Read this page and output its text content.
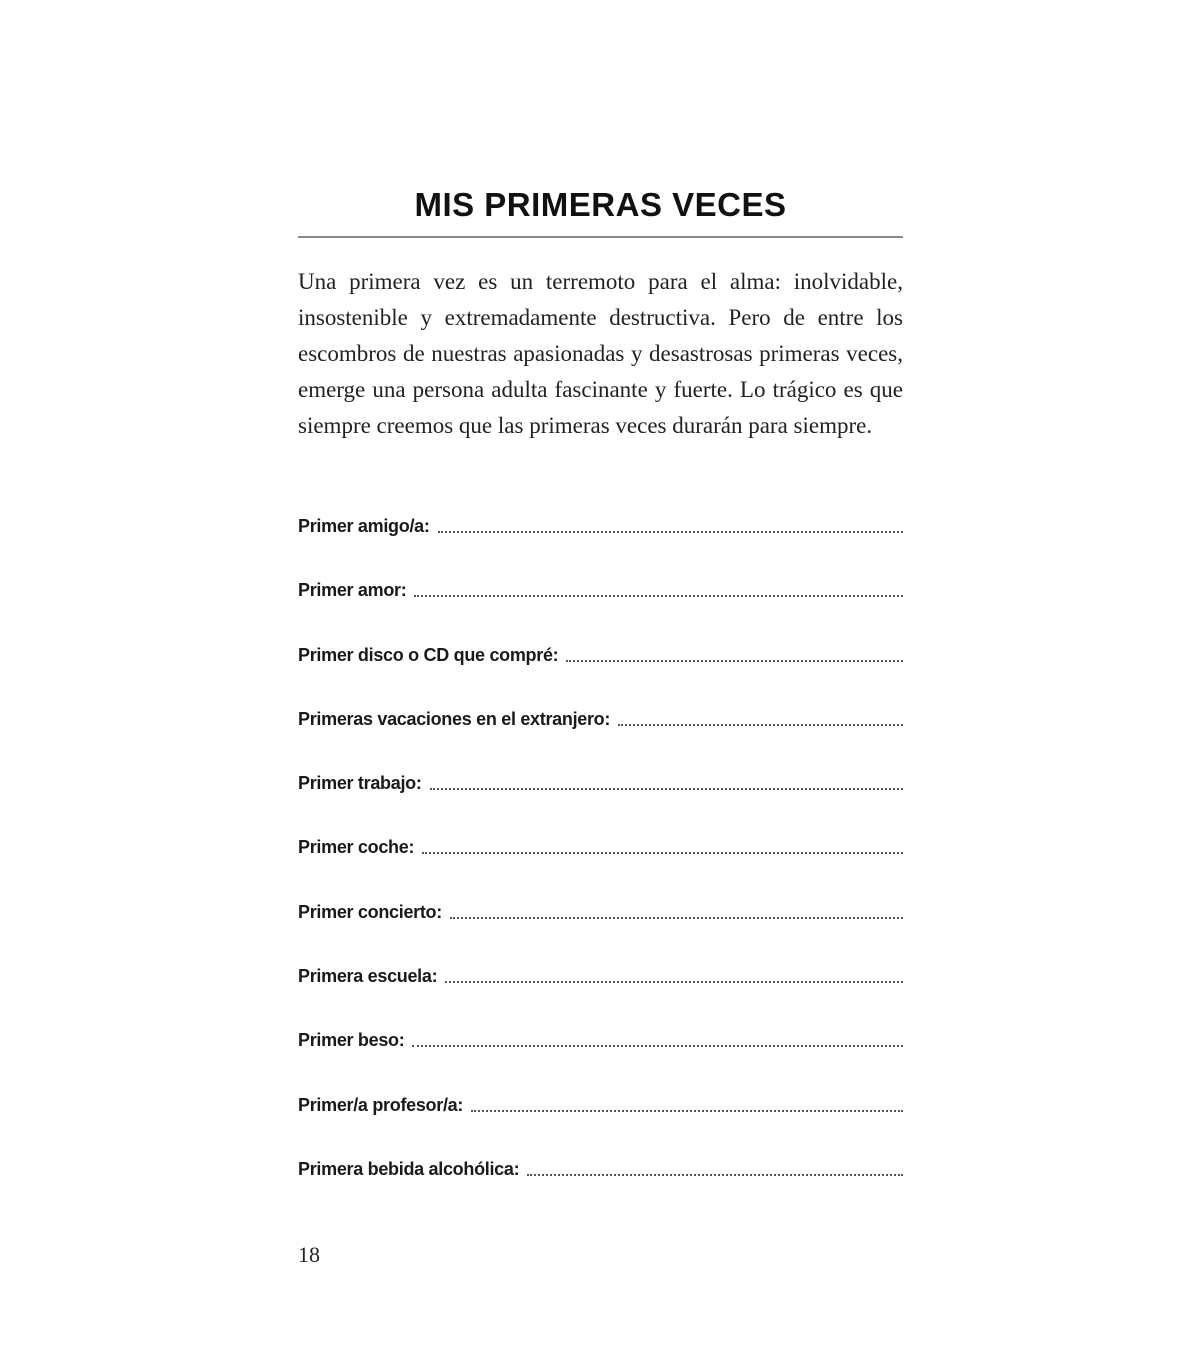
MIS PRIMERAS VECES

Una primera vez es un terremoto para el alma: inolvidable, insostenible y extremadamente destructiva. Pero de entre los escombros de nuestras apasionadas y desastrosas primeras veces, emerge una persona adulta fascinante y fuerte. Lo trágico es que siempre creemos que las primeras veces durarán para siempre.

Primer amigo/a:
Primer amor:
Primer disco o CD que compré:
Primeras vacaciones en el extranjero:
Primer trabajo:
Primer coche:
Primer concierto:
Primera escuela:
Primer beso:
Primer/a profesor/a:
Primera bebida alcohólica:

18
